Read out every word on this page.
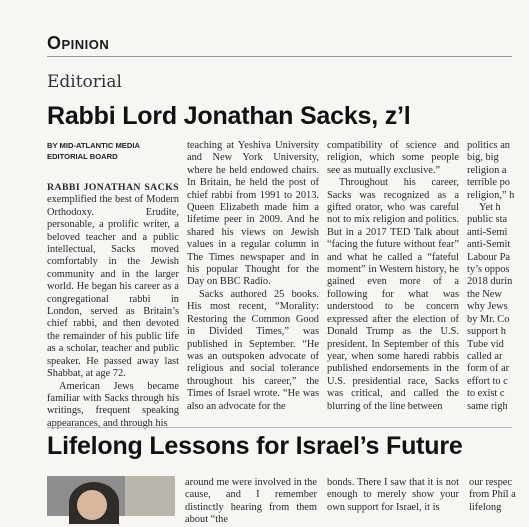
Opinion
Editorial
Rabbi Lord Jonathan Sacks, z’l
BY MID-ATLANTIC MEDIA EDITORIAL BOARD

RABBI JONATHAN SACKS exemplified the best of Modern Orthodoxy. Erudite, personable, a prolific writer, a beloved teacher and a public intellectual, Sacks moved comfortably in the Jewish community and in the larger world. He began his career as a congregational rabbi in London, served as Britain’s chief rabbi, and then devoted the remainder of his public life as a scholar, teacher and public speaker. He passed away last Shabbat, at age 72.

American Jews became familiar with Sacks through his writings, frequent speaking appearances, and through his

teaching at Yeshiva University and New York University, where he held endowed chairs. In Britain, he held the post of chief rabbi from 1991 to 2013. Queen Elizabeth made him a lifetime peer in 2009. And he shared his views on Jewish values in a regular column in The Times newspaper and in his popular Thought for the Day on BBC Radio.

Sacks authored 25 books. His most recent, “Morality: Restoring the Common Good in Divided Times,” was published in September. “He was an outspoken advocate of religious and social tolerance throughout his career,” the Times of Israel wrote. “He was also an advocate for the

compatibility of science and religion, which some people see as mutually exclusive.”

Throughout his career, Sacks was recognized as a gifted orator, who was careful not to mix religion and politics. But in a 2017 TED Talk about “facing the future without fear” and what he called a “fateful moment” in Western history, he gained even more of a following for what was understood to be concern expressed after the election of Donald Trump as the U.S. president. In September of this year, when some haredi rabbis published endorsements in the U.S. presidential race, Sacks was critical, and called the blurring of the line between

politics an
big, big
religion a
terrible po
religion,” h
Yet h
public sta
anti-Semi
anti-Semit
Labour Pa
ty’s oppos
2018 durin
the New
why Jews
by Mr. Co
support h
Tube vid
called ar
form of ar
effort to c
to exist c
same righ
Lifelong Lessons for Israel’s Future
around me were involved in the cause, and I remember distinctly hearing from them about “the
bonds. There I saw that it is not enough to merely show your own support for Israel, it is
our respec from Phil a lifelong
